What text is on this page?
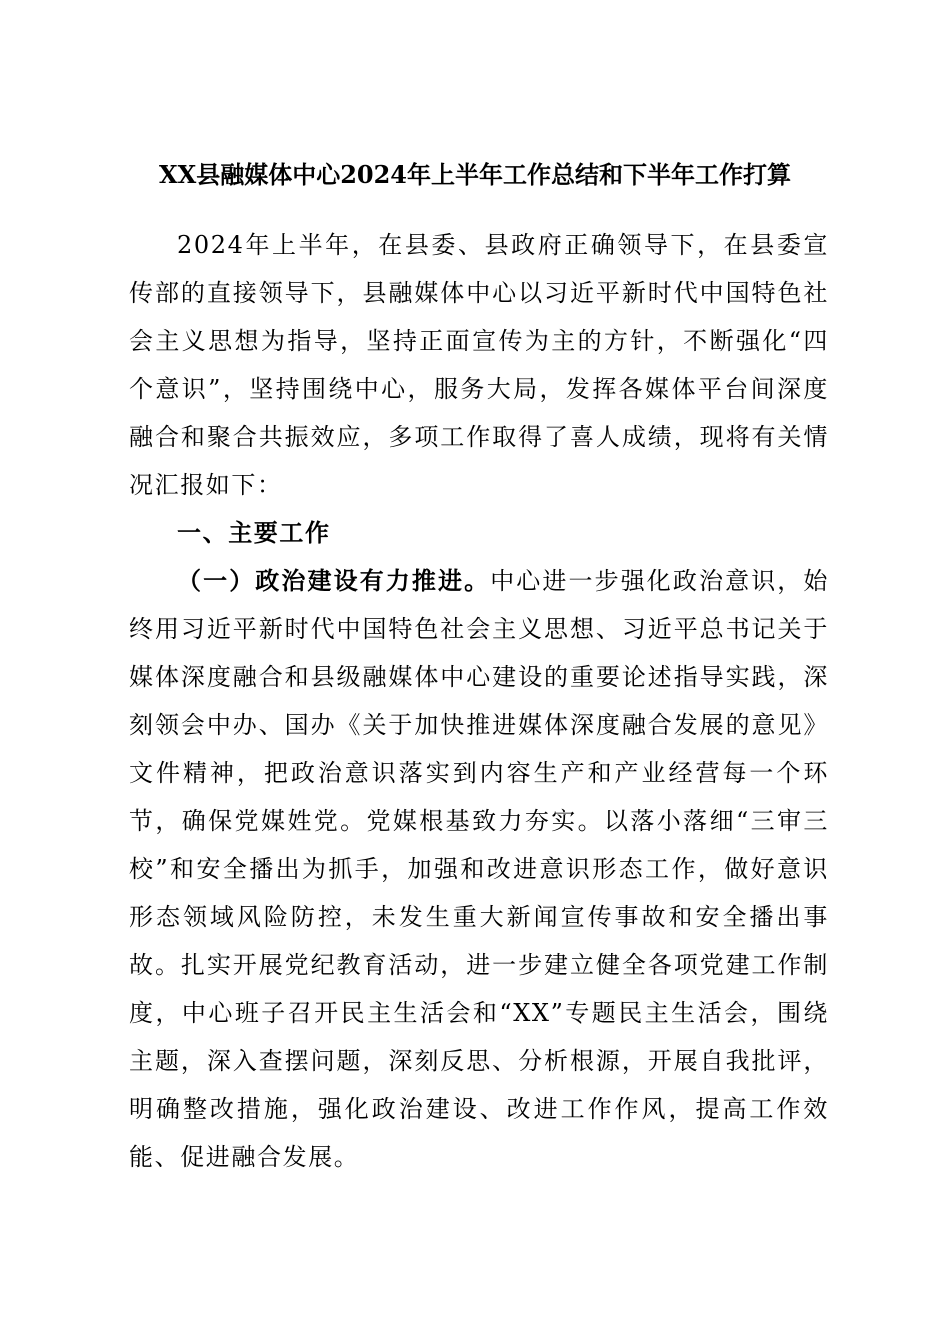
XX县融媒体中心2024年上半年工作总结和下半年工作打算

2024年上半年，在县委、县政府正确领导下，在县委宣传部的直接领导下，县融媒体中心以习近平新时代中国特色社会主义思想为指导，坚持正面宣传为主的方针，不断强化“四个意识”，坚持围绕中心，服务大局，发挥各媒体平台间深度融合和聚合共振效应，多项工作取得了喜人成绩，现将有关情况汇报如下：

一、主要工作

（一）政治建设有力推进。中心进一步强化政治意识，始终用习近平新时代中国特色社会主义思想、习近平总书记关于媒体深度融合和县级融媒体中心建设的重要论述指导实践，深刻领会中办、国办《关于加快推进媒体深度融合发展的意见》文件精神，把政治意识落实到内容生产和产业经营每一个环节，确保党媒姓党。党媒根基致力夯实。以落小落细“三审三校”和安全播出为抓手，加强和改进意识形态工作，做好意识形态领域风险防控，未发生重大新闻宣传事故和安全播出事故。扎实开展党纪教育活动，进一步建立健全各项党建工作制度，中心班子召开民主生活会和“XX”专题民主生活会，围绕主题，深入查摆问题，深刻反思、分析根源，开展自我批评，明确整改措施，强化政治建设、改进工作作风，提高工作效能、促进融合发展。
